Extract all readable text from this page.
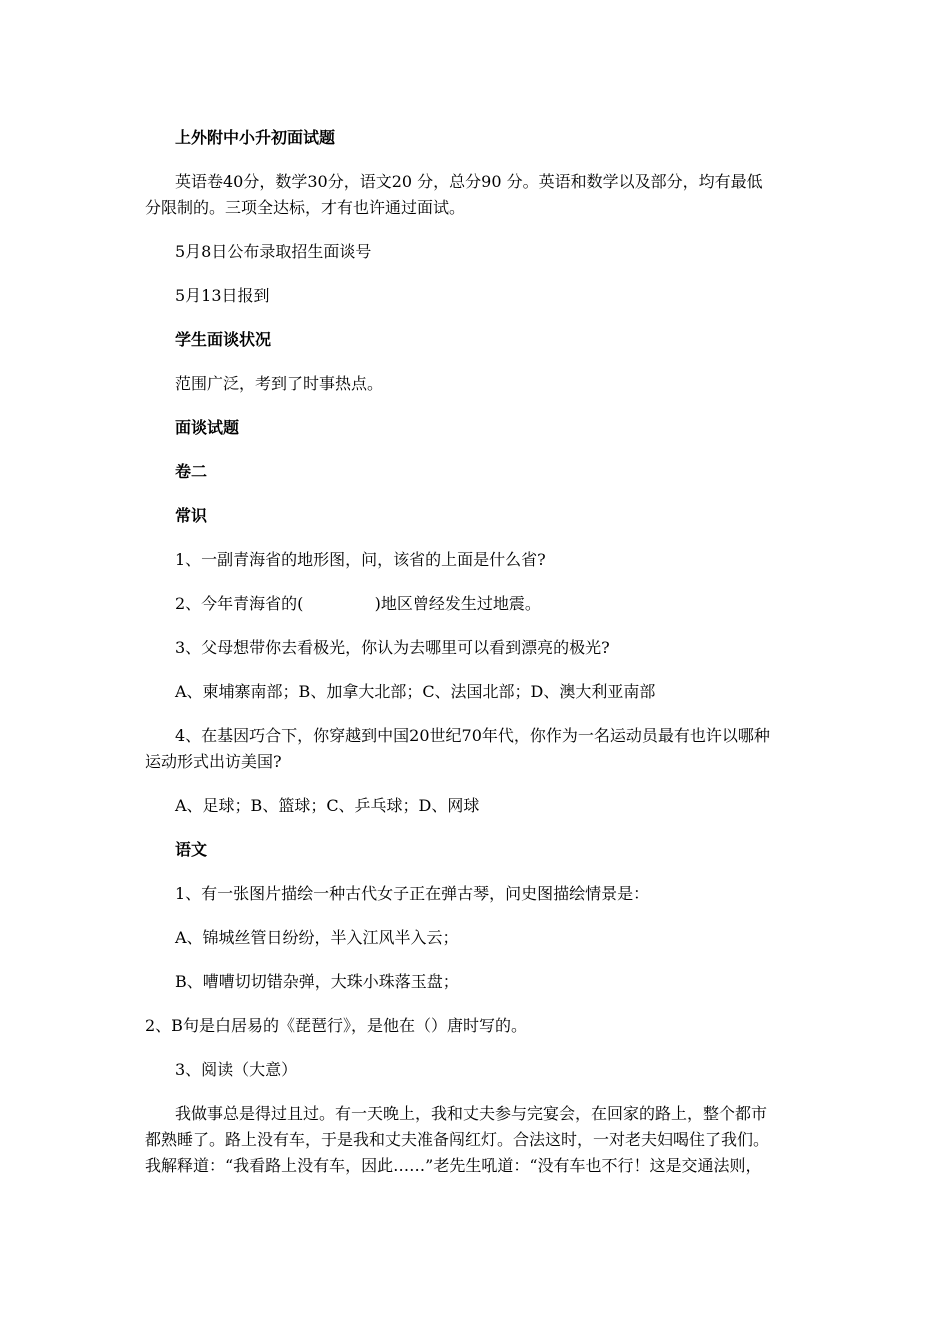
上外附中小升初面试题
英语卷40分，数学30分，语文20 分，总分90 分。英语和数学以及部分，均有最低
分限制的。三项全达标，才有也许通过面试。
5月8日公布录取招生面谈号
5月13日报到
学生面谈状况
范围广泛，考到了时事热点。
面谈试题
卷二
常识
1、一副青海省的地形图，问，该省的上面是什么省?
2、今年青海省的(              )地区曾经发生过地震。
3、父母想带你去看极光，你认为去哪里可以看到漂亮的极光?
A、柬埔寨南部；B、加拿大北部；C、法国北部；D、澳大利亚南部
4、在基因巧合下，你穿越到中国20世纪70年代，你作为一名运动员最有也许以哪种
运动形式出访美国?
A、足球；B、篮球；C、乒乓球；D、网球
语文
1、有一张图片描绘一种古代女子正在弹古琴，问史图描绘情景是：
A、锦城丝管日纷纷，半入江风半入云；
B、嘈嘈切切错杂弹，大珠小珠落玉盘；
2、B句是白居易的《琵琶行》，是他在（）唐时写的。
3、阅读（大意）
我做事总是得过且过。有一天晚上，我和丈夫参与完宴会，在回家的路上，整个都市
都熟睡了。路上没有车，于是我和丈夫准备闯红灯。合法这时，一对老夫妇喝住了我们。
我解释道：“我看路上没有车，因此……”老先生吼道：“没有车也不行！这是交通法则，
